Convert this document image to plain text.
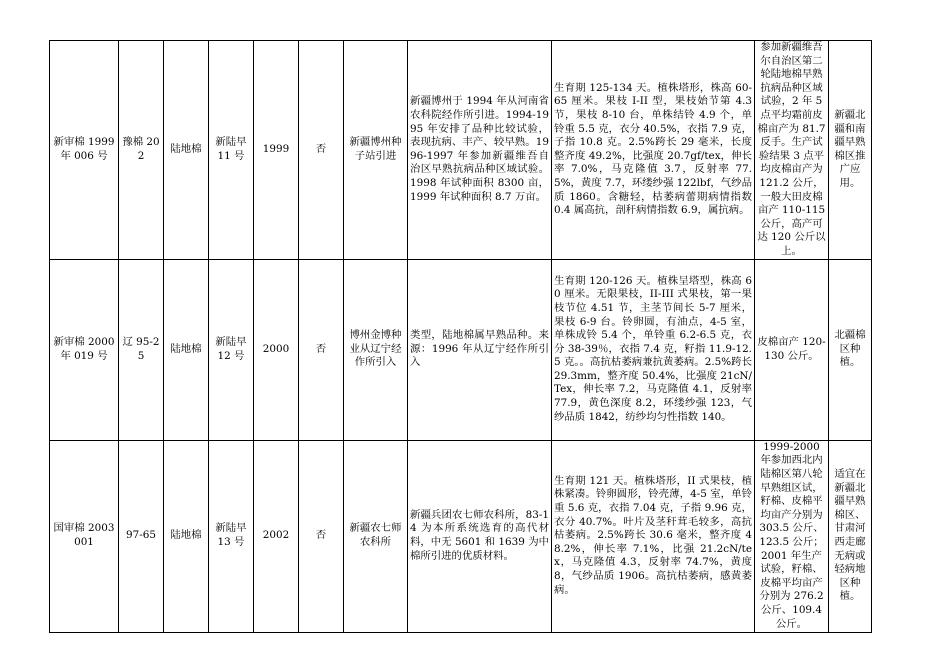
新审棉 1999 年 006 号	豫棉 202	陆地棉	新陆早 11 号	1999	否	新疆博州种子站引进	新疆博州于 1994 年从河南省农科院经作所引进。1994-1995 年安排了品种比较试验，表现抗病、丰产、较早熟。1996-1997 年参加新疆维吾自治区早熟抗病品种区域试验。1998 年试种面积 8300 亩，1999 年试种面积 8.7 万亩。	生育期 125-134 天。植株塔形，株高 60-65 厘米。果枝 I-II 型，果枝始节第 4.3 节，果枝 8-10 台，单株结铃 4.9 个，单铃重 5.5 克，衣分 40.5%，衣指 7.9 克，子指 10.8 克。2.5%跨长 29 毫米，长度整齐度 49.2%，比强度 20.7gf/tex，伸长率 7.0%，马克隆值 3.7，反射率 77.5%，黄度 7.7，环缕纱强 122lbf，气纱品质 1860。含糖轻，枯萎病蕾期病情指数 0.4 属高抗，剖秆病情指数 6.9，属抗病。	参加新疆维吾尔自治区第二轮陆地棉早熟抗病品种区域试验，2 年 5 点平均霜前皮棉亩产为 81.7 反手。生产试验结果 3 点平均皮棉亩产为 121.2 公斤，一般大田皮棉亩产 110-115 公斤，高产可达 120 公斤以上。	新疆北疆和南疆早熟棉区推广应用。
新审棉 2000 年 019 号	辽 95-25	陆地棉	新陆早 12 号	2000	否	博州金博种业从辽宁经作所引入	类型，陆地棉属早熟品种。来源：1996 年从辽宁经作所引入	生育期 120-126 天。植株呈塔型，株高 60 厘米。无限果枝，II-III 式果枝，第一果枝节位 4.51 节，主茎节间长 5-7 厘米，果枝 6-9 台。铃卵圆，有油点，4-5 室，单株成铃 5.4 个，单铃重 6.2-6.5 克，衣分 38-39％，衣指 7.4 克，籽指 11.9-12.5 克。。高抗枯萎病兼抗黄萎病。2.5%跨长 29.3mm，整齐度 50.4%，比强度 21cN/Tex，伸长率 7.2，马克隆值 4.1，反射率 77.9，黄色深度 8.2，环缕纱强 123，气纱品质 1842，纺纱均匀性指数 140。	皮棉亩产 120-130 公斤。	北疆棉区种植。
国审棉 2003001	97-65	陆地棉	新陆早 13 号	2002	否	新疆农七师农科所	新疆兵团农七师农科所，83-14 为本所系统选育的高代材料，中无 5601 和 1639 为中棉所引进的优质材料。	生育期 121 天。植株塔形，II 式果枝，植株紧凑。铃卵圆形，铃壳薄，4-5 室，单铃重 5.6 克，衣指 7.04 克，子指 9.96 克，衣分 40.7%。叶片及茎秆茸毛较多，高抗枯萎病。2.5%跨长 30.6 毫米，整齐度 48.2%，伸长率 7.1%，比强 21.2cN/tex，马克隆值 4.3，反射率 74.7%，黄度 8，气纱品质 1906。高抗枯萎病，感黄萎病。	1999-2000 年参加西北内陆棉区第八轮早熟组区试，籽棉、皮棉平均亩产分别为 303.5 公斤、123.5 公斤；2001 年生产试验，籽棉、皮棉平均亩产分别为 276.2 公斤、109.4 公斤。	适宜在新疆北疆早熟棉区、甘肃河西走廊无病或轻病地区种植。
